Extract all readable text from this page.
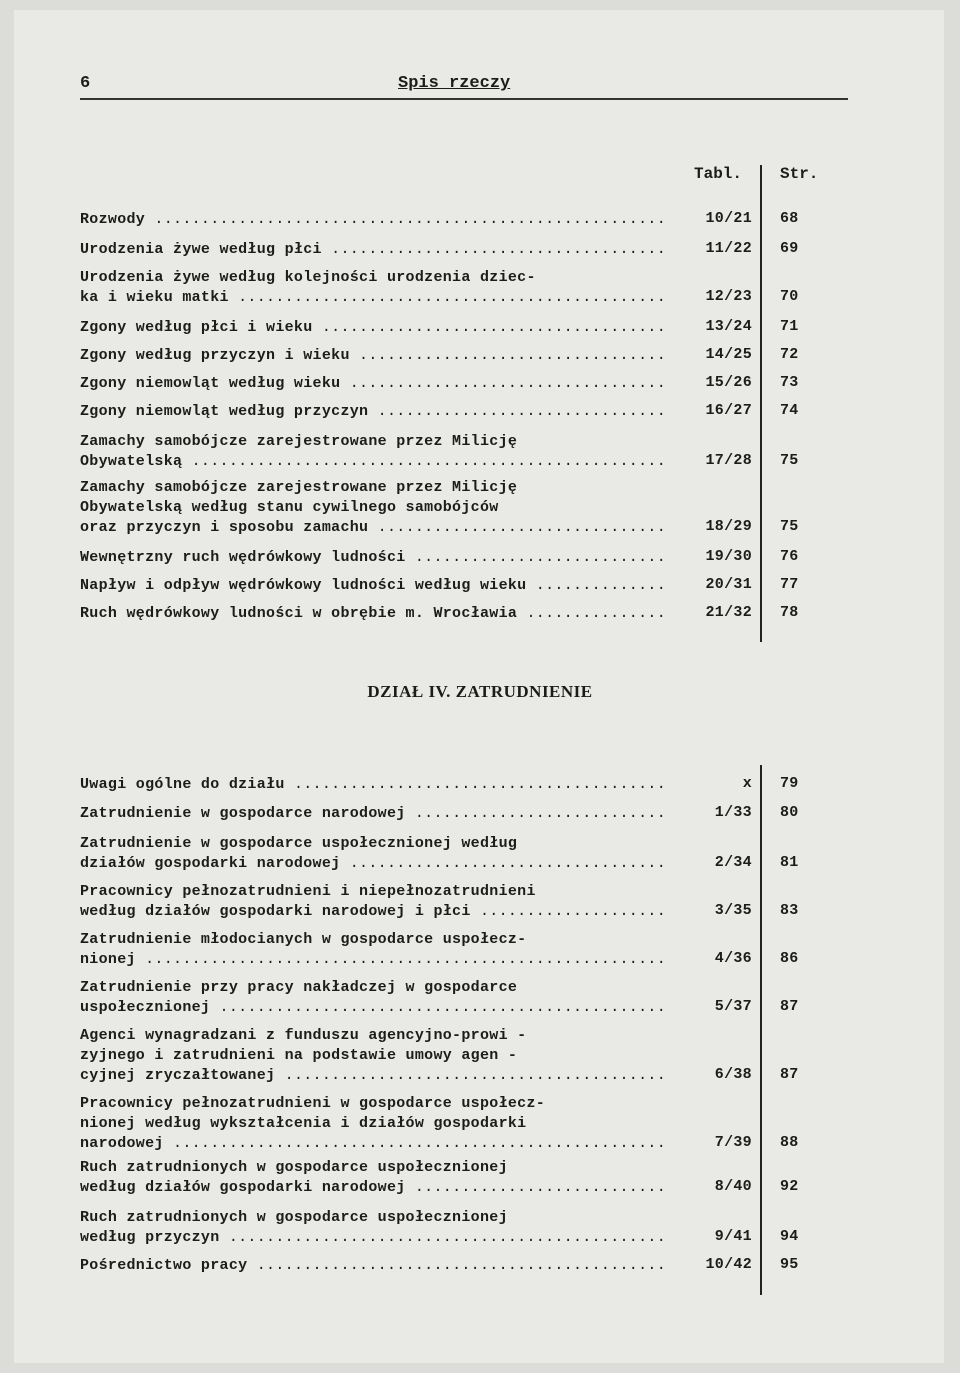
6	Spis rzeczy
Tabl. Str.
Rozwody .......................................................	10/21 68
Urodzenia żywe według płci ....................................	11/22 69
Urodzenia żywe według kolejności urodzenia dziec-
ka i wieku matki ..............................................	12/23 70
Zgony według płci i wieku .....................................	13/24 71
Zgony według przyczyn i wieku .................................	14/25 72
Zgony niemowląt według wieku ..................................	15/26 73
Zgony niemowląt według przyczyn ...............................	16/27 74
Zamachy samobójcze zarejestrowane przez Milicję
Obywatelską ...................................................	17/28 75
Zamachy samobójcze zarejestrowane przez Milicję
Obywatelską według stanu cywilnego samobójców
oraz przyczyn i sposobu zamachu ...............................	18/29 75
Wewnętrzny ruch wędrówkowy ludności ...........................	19/30 76
Napływ i odpływ wędrówkowy ludności według wieku ..............	20/31 77
Ruch wędrówkowy ludności w obrębie m. Wrocławia ...............	21/32 78
DZIAŁ IV. ZATRUDNIENIE
Uwagi ogólne do działu ........................................	x 79
Zatrudnienie w gospodarce narodowej ...........................	1/33 80
Zatrudnienie w gospodarce uspołecznionej według
działów gospodarki narodowej ..................................	2/34 81
Pracownicy pełnozatrudnieni i niepełnozatrudnieni
według działów gospodarki narodowej i płci ....................	3/35 83
Zatrudnienie młodocianych w gospodarce uspołecz-
nionej ........................................................	4/36 86
Zatrudnienie przy pracy nakładczej w gospodarce
uspołecznionej ................................................	5/37 87
Agenci wynagradzani z funduszu agencyjno-prowi -
zyjnego i zatrudnieni na podstawie umowy agen -
cyjnej zryczałtowanej .........................................	6/38 87
Pracownicy pełnozatrudnieni w gospodarce uspołecz-
nionej według wykształcenia i działów gospodarki
narodowej .....................................................	7/39 88
Ruch zatrudnionych w gospodarce uspołecznionej
według działów gospodarki narodowej ...........................	8/40 92
Ruch zatrudnionych w gospodarce uspołecznionej
według przyczyn ...............................................	9/41 94
Pośrednictwo pracy ............................................	10/42 95
